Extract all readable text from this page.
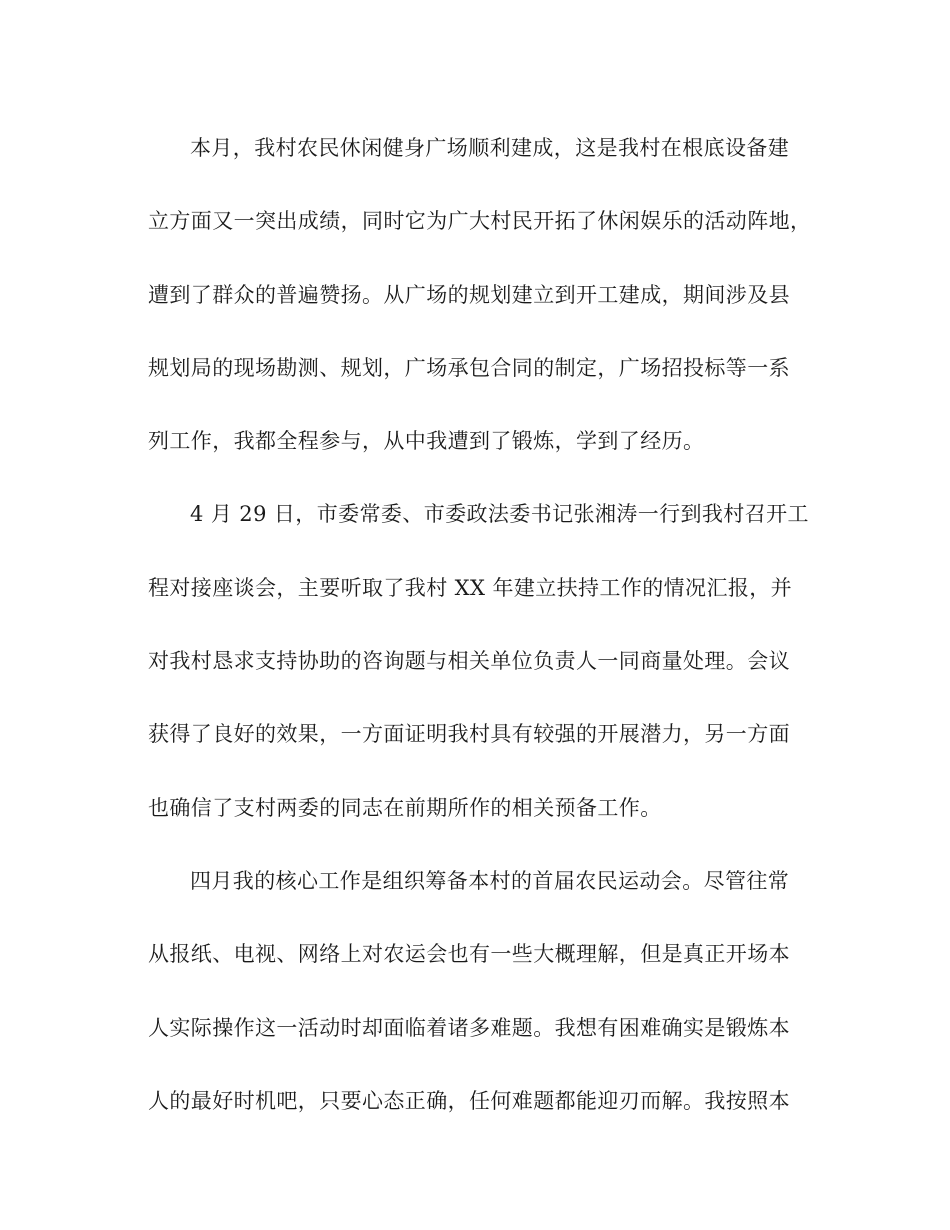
本月，我村农民休闲健身广场顺利建成，这是我村在根底设备建
立方面又一突出成绩，同时它为广大村民开拓了休闲娱乐的活动阵地，
遭到了群众的普遍赞扬。从广场的规划建立到开工建成，期间涉及县
规划局的现场勘测、规划，广场承包合同的制定，广场招投标等一系
列工作，我都全程参与，从中我遭到了锻炼，学到了经历。
4 月 29 日，市委常委、市委政法委书记张湘涛一行到我村召开工
程对接座谈会，主要听取了我村 XX 年建立扶持工作的情况汇报，并
对我村恳求支持协助的咨询题与相关单位负责人一同商量处理。会议
获得了良好的效果，一方面证明我村具有较强的开展潜力，另一方面
也确信了支村两委的同志在前期所作的相关预备工作。
四月我的核心工作是组织筹备本村的首届农民运动会。尽管往常
从报纸、电视、网络上对农运会也有一些大概理解，但是真正开场本
人实际操作这一活动时却面临着诸多难题。我想有困难确实是锻炼本
人的最好时机吧，只要心态正确，任何难题都能迎刃而解。我按照本
